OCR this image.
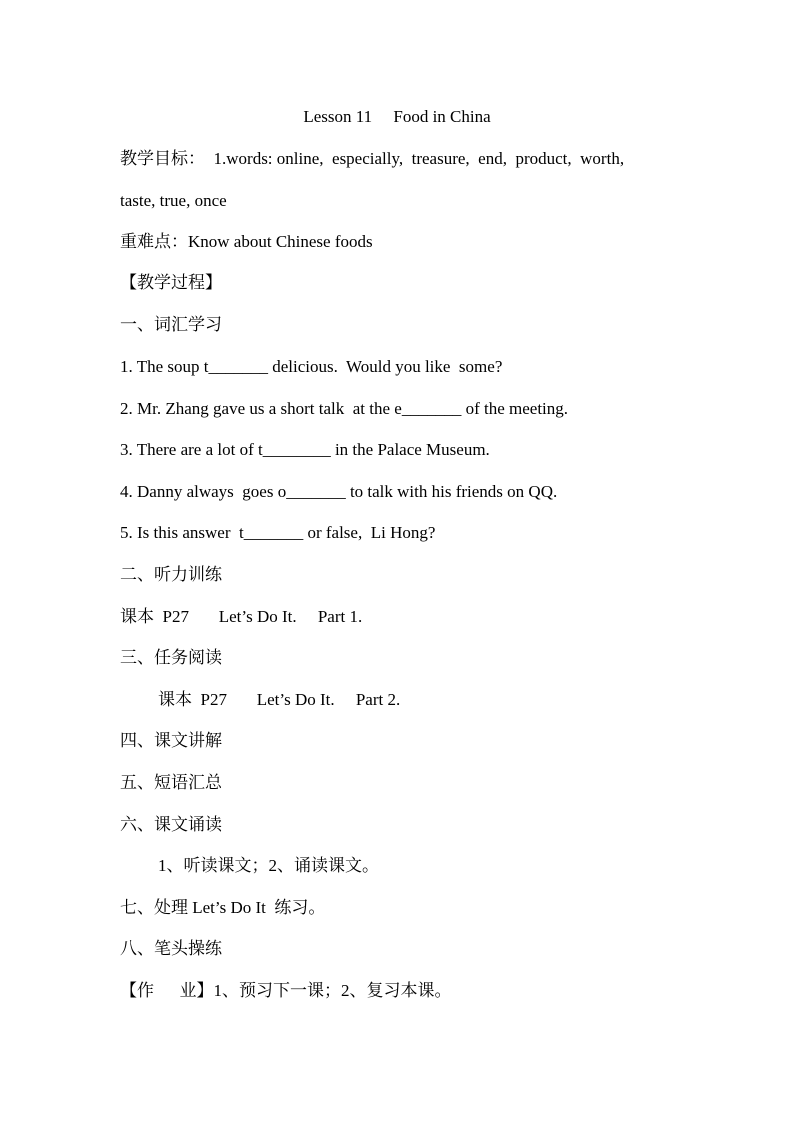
Lesson 11     Food in China
教学目标：  1.words: online,  especially,  treasure,  end,  product,  worth,
taste, true, once
重难点：Know about Chinese foods
【教学过程】
一、词汇学习
1. The soup t_______ delicious.  Would you like  some?
2. Mr. Zhang gave us a short talk  at the e_______ of the meeting.
3. There are a lot of t________ in the Palace Museum.
4. Danny always  goes o_______ to talk with his friends on QQ.
5. Is this answer  t_______ or false,  Li Hong?
二、听力训练
课本  P27       Let’s Do It.     Part 1.
三、任务阅读
课本  P27       Let’s Do It.     Part 2.
四、课文讲解
五、短语汇总
六、课文诵读
1、听读课文；2、诵读课文。
七、处理 Let’s Do It  练习。
八、笔头操练
【作      业】1、预习下一课；2、复习本课。
